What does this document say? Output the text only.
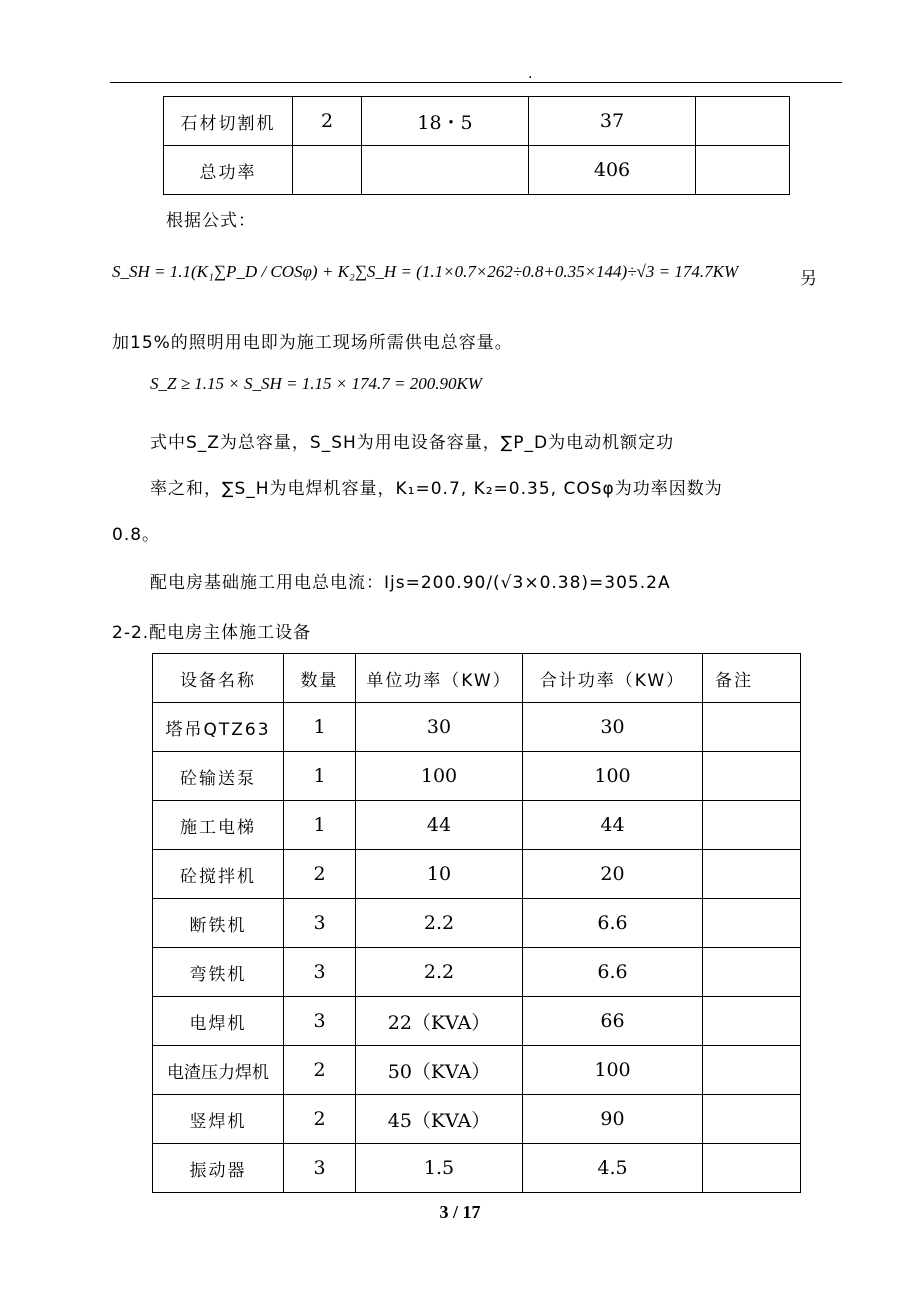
.
石材切割机	2	18・5	37	
总功率			406	
根据公式：
S_SH = 1.1(K₁∑P_D / COSφ) + K₂∑S_H = (1.1×0.7×262÷0.8+0.35×144)÷√3 = 174.7KW	另
加15%的照明用电即为施工现场所需供电总容量。
S_Z ≥ 1.15 × S_SH = 1.15 × 174.7 = 200.90KW
式中S_Z为总容量，S_SH为用电设备容量，∑P_D为电动机额定功
率之和，∑S_H为电焊机容量，K₁=0.7, K₂=0.35, COSφ为功率因数为
0.8。
配电房基础施工用电总电流：Ijs=200.90/(√3×0.38)=305.2A
2-2.配电房主体施工设备
设备名称	数量	单位功率（KW）	合计功率（KW）	备注
塔吊QTZ63	1	30	30	
砼输送泵	1	100	100	
施工电梯	1	44	44	
砼搅拌机	2	10	20	
断铁机	3	2.2	6.6	
弯铁机	3	2.2	6.6	
电焊机	3	22（KVA）	66	
电渣压力焊机	2	50（KVA）	100	
竖焊机	2	45（KVA）	90	
振动器	3	1.5	4.5	
3 / 17
